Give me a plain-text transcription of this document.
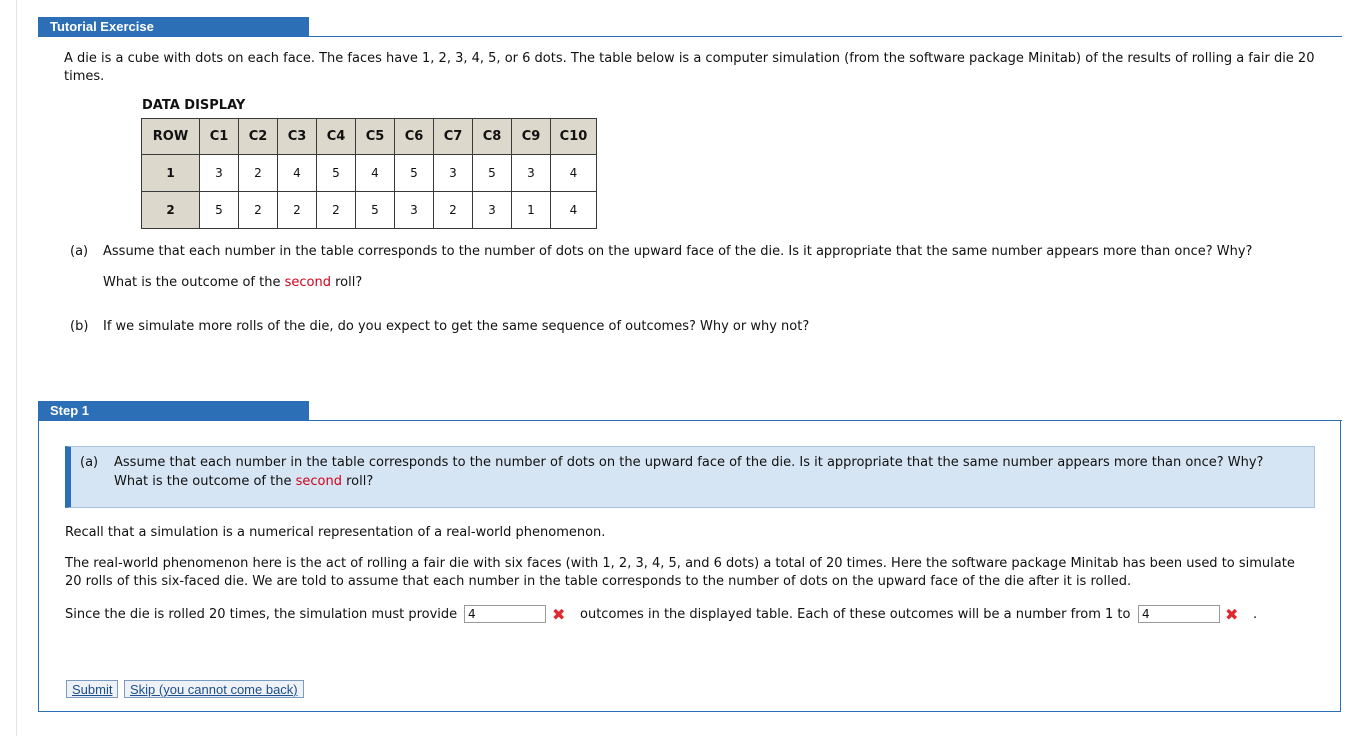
Tutorial Exercise

A die is a cube with dots on each face. The faces have 1, 2, 3, 4, 5, or 6 dots. The table below is a computer simulation (from the software package Minitab) of the results of rolling a fair die 20 times.

DATA DISPLAY
ROW	C1	C2	C3	C4	C5	C6	C7	C8	C9	C10
1	3	2	4	5	4	5	3	5	3	4
2	5	2	2	2	5	3	2	3	1	4
(a) Assume that each number in the table corresponds to the number of dots on the upward face of the die. Is it appropriate that the same number appears more than once? Why?
What is the outcome of the second roll?
(b) If we simulate more rolls of the die, do you expect to get the same sequence of outcomes? Why or why not?
Step 1
(a) Assume that each number in the table corresponds to the number of dots on the upward face of the die. Is it appropriate that the same number appears more than once? Why?
What is the outcome of the second roll?

Recall that a simulation is a numerical representation of a real-world phenomenon.

The real-world phenomenon here is the act of rolling a fair die with six faces (with 1, 2, 3, 4, 5, and 6 dots) a total of 20 times. Here the software package Minitab has been used to simulate 20 rolls of this six-faced die. We are told to assume that each number in the table corresponds to the number of dots on the upward face of the die after it is rolled.

Since the die is rolled 20 times, the simulation must provide
4	✖ outcomes in the displayed table. Each of these outcomes will be a number from 1 to
4	✖ .
Submit	Skip (you cannot come back)
